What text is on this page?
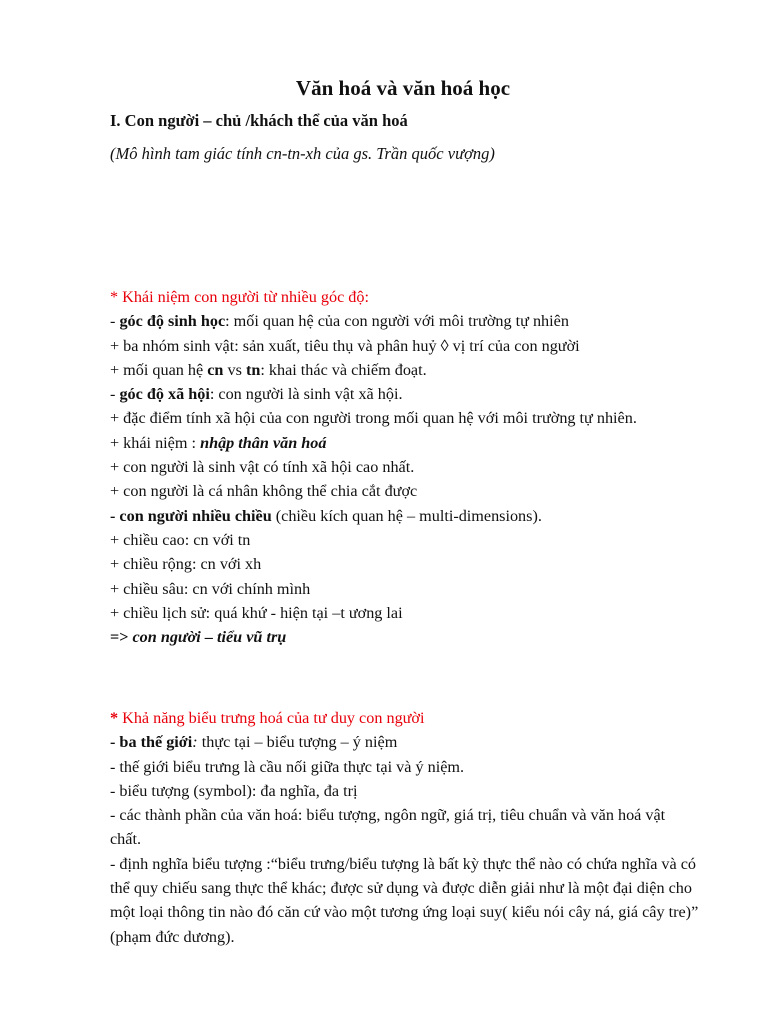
Văn hoá và văn hoá học
I. Con người – chủ /khách thể của văn hoá

(Mô hình tam giác tính cn-tn-xh của gs. Trần quốc vượng)

* Khái niệm con người từ nhiều góc độ:
- góc độ sinh học: mối quan hệ của con người với môi trường tự nhiên
+ ba nhóm sinh vật: sản xuất, tiêu thụ và phân huỷ ◊ vị trí của con người
+ mối quan hệ cn vs tn: khai thác và chiếm đoạt.
- góc độ xã hội: con người là sinh vật xã hội.
+ đặc điểm tính xã hội của con người trong mối quan hệ với môi trường tự nhiên.
+ khái niệm : nhập thân văn hoá
+ con người là sinh vật có tính xã hội cao nhất.
+ con người là cá nhân không thể chia cắt được
- con người nhiều chiều (chiều kích quan hệ – multi-dimensions).
+ chiều cao: cn với tn
+ chiều rộng: cn với xh
+ chiều sâu: cn với chính mình
+ chiều lịch sử: quá khứ - hiện tại –t ương lai
=> con người – tiểu vũ trụ
* Khả năng biểu trưng hoá của tư duy con người
- ba thế giới: thực tại – biểu tượng – ý niệm
- thế giới biểu trưng là cầu nối giữa thực tại và ý niệm.
- biểu tượng (symbol): đa nghĩa, đa trị
- các thành phần của văn hoá: biểu tượng, ngôn ngữ, giá trị, tiêu chuẩn và văn hoá vật chất.
- định nghĩa biểu tượng :“biểu trưng/biểu tượng là bất kỳ thực thể nào có chứa nghĩa và có thể quy chiếu sang thực thể khác; được sử dụng và được diễn giải như là một đại diện cho một loại thông tin nào đó căn cứ vào một tương ứng loại suy( kiểu nói cây ná, giá cây tre)” (phạm đức dương).
